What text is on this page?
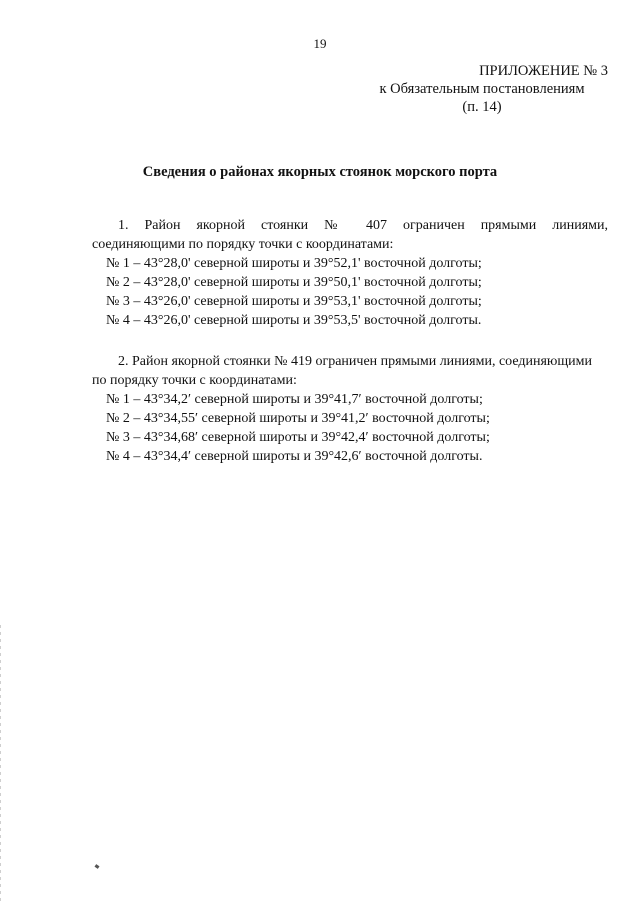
19
ПРИЛОЖЕНИЕ № 3
к Обязательным постановлениям
(п. 14)
Сведения о районах якорных стоянок морского порта
1. Район якорной стоянки № 407 ограничен прямыми линиями,
соединяющими по порядку точки с координатами:
№ 1 – 43°28,0' северной широты и 39°52,1' восточной долготы;
№ 2 – 43°28,0' северной широты и 39°50,1' восточной долготы;
№ 3 – 43°26,0' северной широты и 39°53,1' восточной долготы;
№ 4 – 43°26,0' северной широты и 39°53,5' восточной долготы.
2. Район якорной стоянки № 419 ограничен прямыми линиями, соединяющими
по порядку точки с координатами:
№ 1 – 43°34,2′ северной широты и 39°41,7′ восточной долготы;
№ 2 – 43°34,55′ северной широты и 39°41,2′ восточной долготы;
№ 3 – 43°34,68′ северной широты и 39°42,4′ восточной долготы;
№ 4 – 43°34,4′ северной широты и 39°42,6′ восточной долготы.
